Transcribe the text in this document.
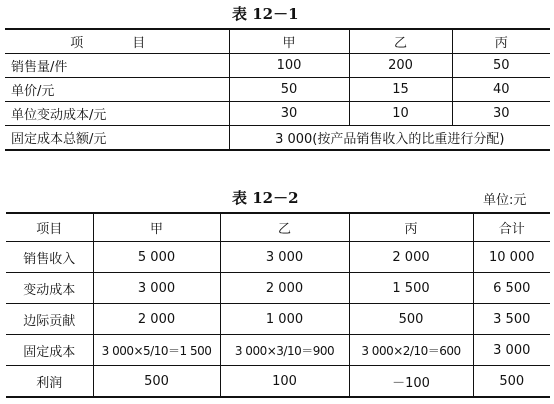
表 12－1
项　目	甲	乙	丙
销售量/件	100	200	50
单价/元	50	15	40
单位变动成本/元	30	10	30
固定成本总额/元	3 000(按产品销售收入的比重进行分配)		
表 12－2	单位:元
项目	甲	乙	丙	合计
销售收入	5 000	3 000	2 000	10 000
变动成本	3 000	2 000	1 500	6 500
边际贡献	2 000	1 000	500	3 500
固定成本	3 000×5/10＝1 500	3 000×3/10＝900	3 000×2/10＝600	3 000
利润	500	100	－100	500
